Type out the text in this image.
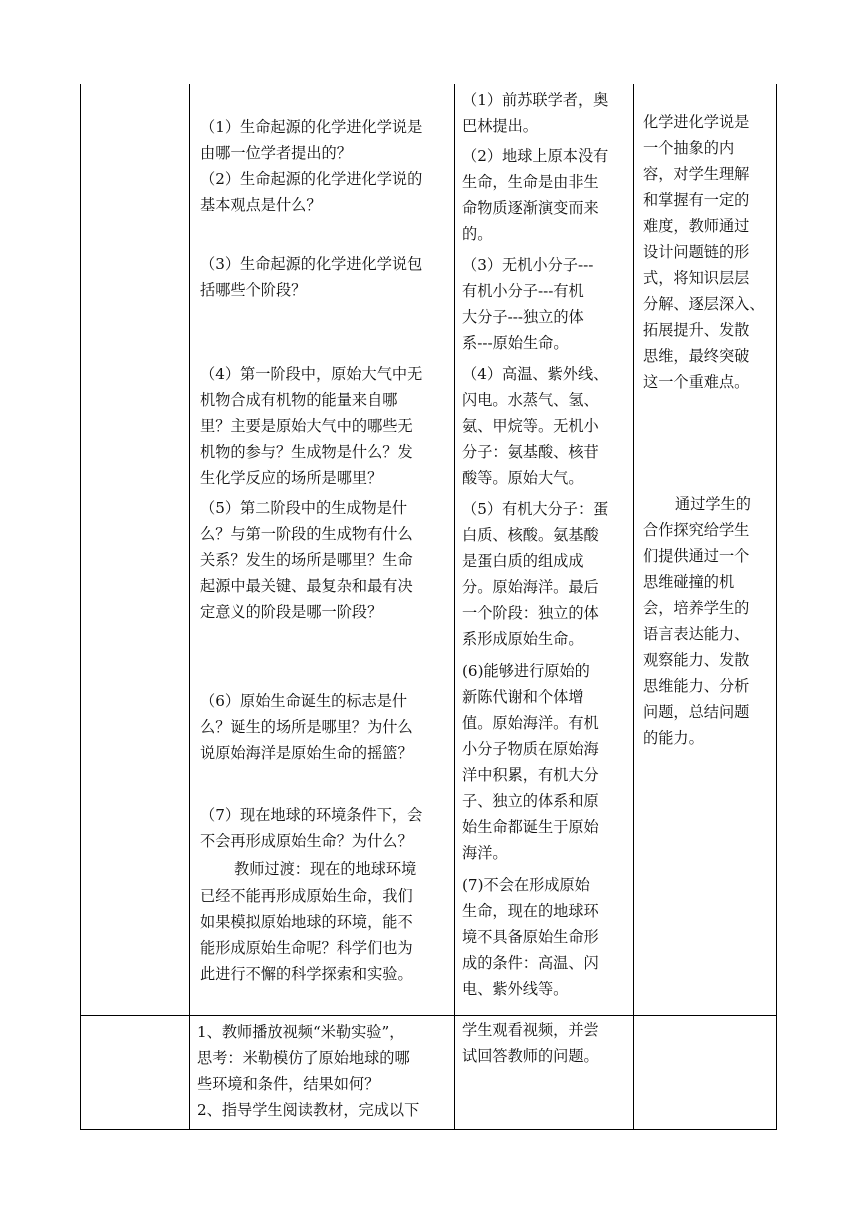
（1）生命起源的化学进化学说是

由哪一位学者提出的？

（2）生命起源的化学进化学说的

基本观点是什么？

（3）生命起源的化学进化学说包

括哪些个阶段？

（4）第一阶段中，原始大气中无

机物合成有机物的能量来自哪

里？主要是原始大气中的哪些无

机物的参与？生成物是什么？发

生化学反应的场所是哪里？

（5）第二阶段中的生成物是什

么？与第一阶段的生成物有什么

关系？发生的场所是哪里？生命

起源中最关键、最复杂和最有决

定意义的阶段是哪一阶段？

（6）原始生命诞生的标志是什

么？诞生的场所是哪里？为什么

说原始海洋是原始生命的摇篮？

（7）现在地球的环境条件下，会

不会再形成原始生命？为什么？

教师过渡：现在的地球环境

已经不能再形成原始生命，我们

如果模拟原始地球的环境，能不

能形成原始生命呢？科学们也为

此进行不懈的科学探索和实验。

（1）前苏联学者，奥

巴林提出。

（2）地球上原本没有

生命，生命是由非生

命物质逐渐演变而来

的。

（3）无机小分子---

有机小分子---有机

大分子---独立的体

系---原始生命。

（4）高温、紫外线、

闪电。水蒸气、氢、

氨、甲烷等。无机小

分子：氨基酸、核苷

酸等。原始大气。

（5）有机大分子：蛋

白质、核酸。氨基酸

是蛋白质的组成成

分。原始海洋。最后

一个阶段：独立的体

系形成原始生命。

(6)能够进行原始的

新陈代谢和个体增

值。原始海洋。有机

小分子物质在原始海

洋中积累，有机大分

子、独立的体系和原

始生命都诞生于原始

海洋。

(7)不会在形成原始

生命，现在的地球环

境不具备原始生命形

成的条件：高温、闪

电、紫外线等。

化学进化学说是

一个抽象的内

容，对学生理解

和掌握有一定的

难度，教师通过

设计问题链的形

式，将知识层层

分解、逐层深入、

拓展提升、发散

思维，最终突破

这一个重难点。

通过学生的

合作探究给学生

们提供通过一个

思维碰撞的机

会，培养学生的

语言表达能力、

观察能力、发散

思维能力、分析

问题，总结问题

的能力。

1、教师播放视频“米勒实验”，

思考：米勒模仿了原始地球的哪

些环境和条件，结果如何？

2、指导学生阅读教材，完成以下

学生观看视频，并尝

试回答教师的问题。
